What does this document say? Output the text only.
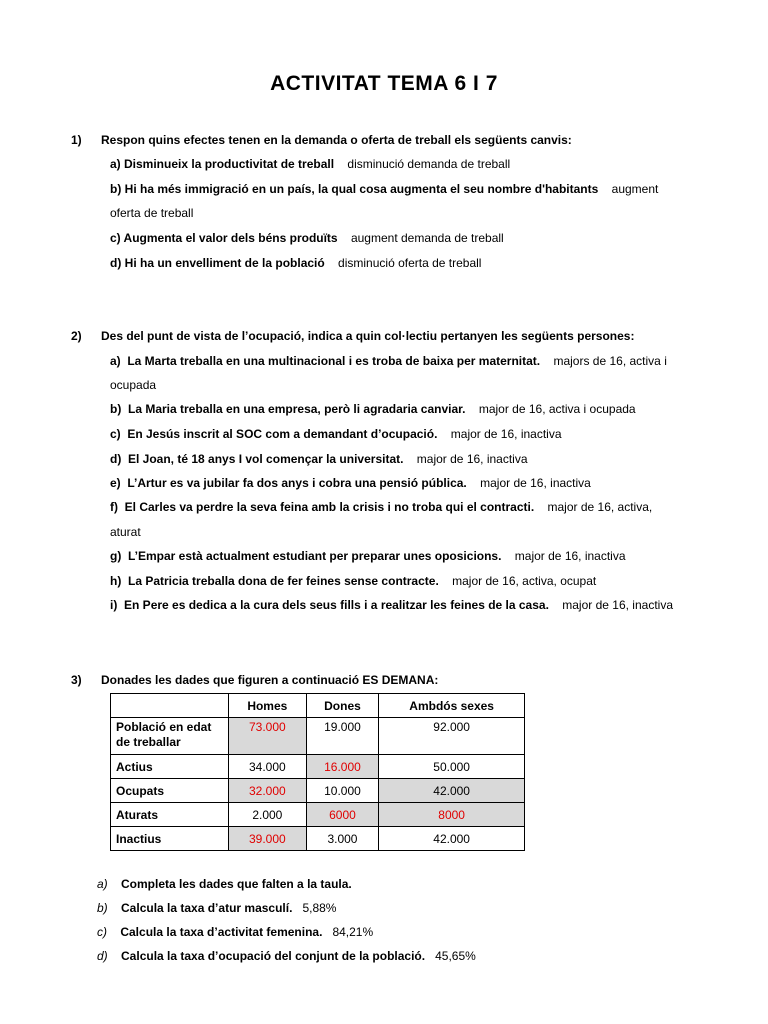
ACTIVITAT TEMA 6 I 7
1) Respon quins efectes tenen en la demanda o oferta de treball els següents canvis:
a) Disminueix la productivitat de treball disminució demanda de treball
b) Hi ha més immigració en un país, la qual cosa augmenta el seu nombre d'habitants augment
oferta de treball
c) Augmenta el valor dels béns produïts augment demanda de treball
d) Hi ha un envelliment de la població disminució oferta de treball
2) Des del punt de vista de l’ocupació, indica a quin col·lectiu pertanyen les següents persones:
a) La Marta treballa en una multinacional i es troba de baixa per maternitat. majors de 16, activa i
ocupada
b) La Maria treballa en una empresa, però li agradaria canviar. major de 16, activa i ocupada
c) En Jesús inscrit al SOC com a demandant d’ocupació. major de 16, inactiva
d) El Joan, té 18 anys I vol començar la universitat. major de 16, inactiva
e) L’Artur es va jubilar fa dos anys i cobra una pensió pública. major de 16, inactiva
f) El Carles va perdre la seva feina amb la crisis i no troba qui el contracti. major de 16, activa,
aturat
g) L’Empar està actualment estudiant per preparar unes oposicions. major de 16, inactiva
h) La Patricia treballa dona de fer feines sense contracte. major de 16, activa, ocupat
i) En Pere es dedica a la cura dels seus fills i a realitzar les feines de la casa. major de 16, inactiva
3) Donades les dades que figuren a continuació ES DEMANA:
	Homes	Dones	Ambdós sexes
Població en edat de treballar	73.000	19.000	92.000
Actius	34.000	16.000	50.000
Ocupats	32.000	10.000	42.000
Aturats	2.000	6000	8000
Inactius	39.000	3.000	42.000
a) Completa les dades que falten a la taula.
b) Calcula la taxa d’atur masculí. 5,88%
c) Calcula la taxa d’activitat femenina. 84,21%
d) Calcula la taxa d’ocupació del conjunt de la població. 45,65%
